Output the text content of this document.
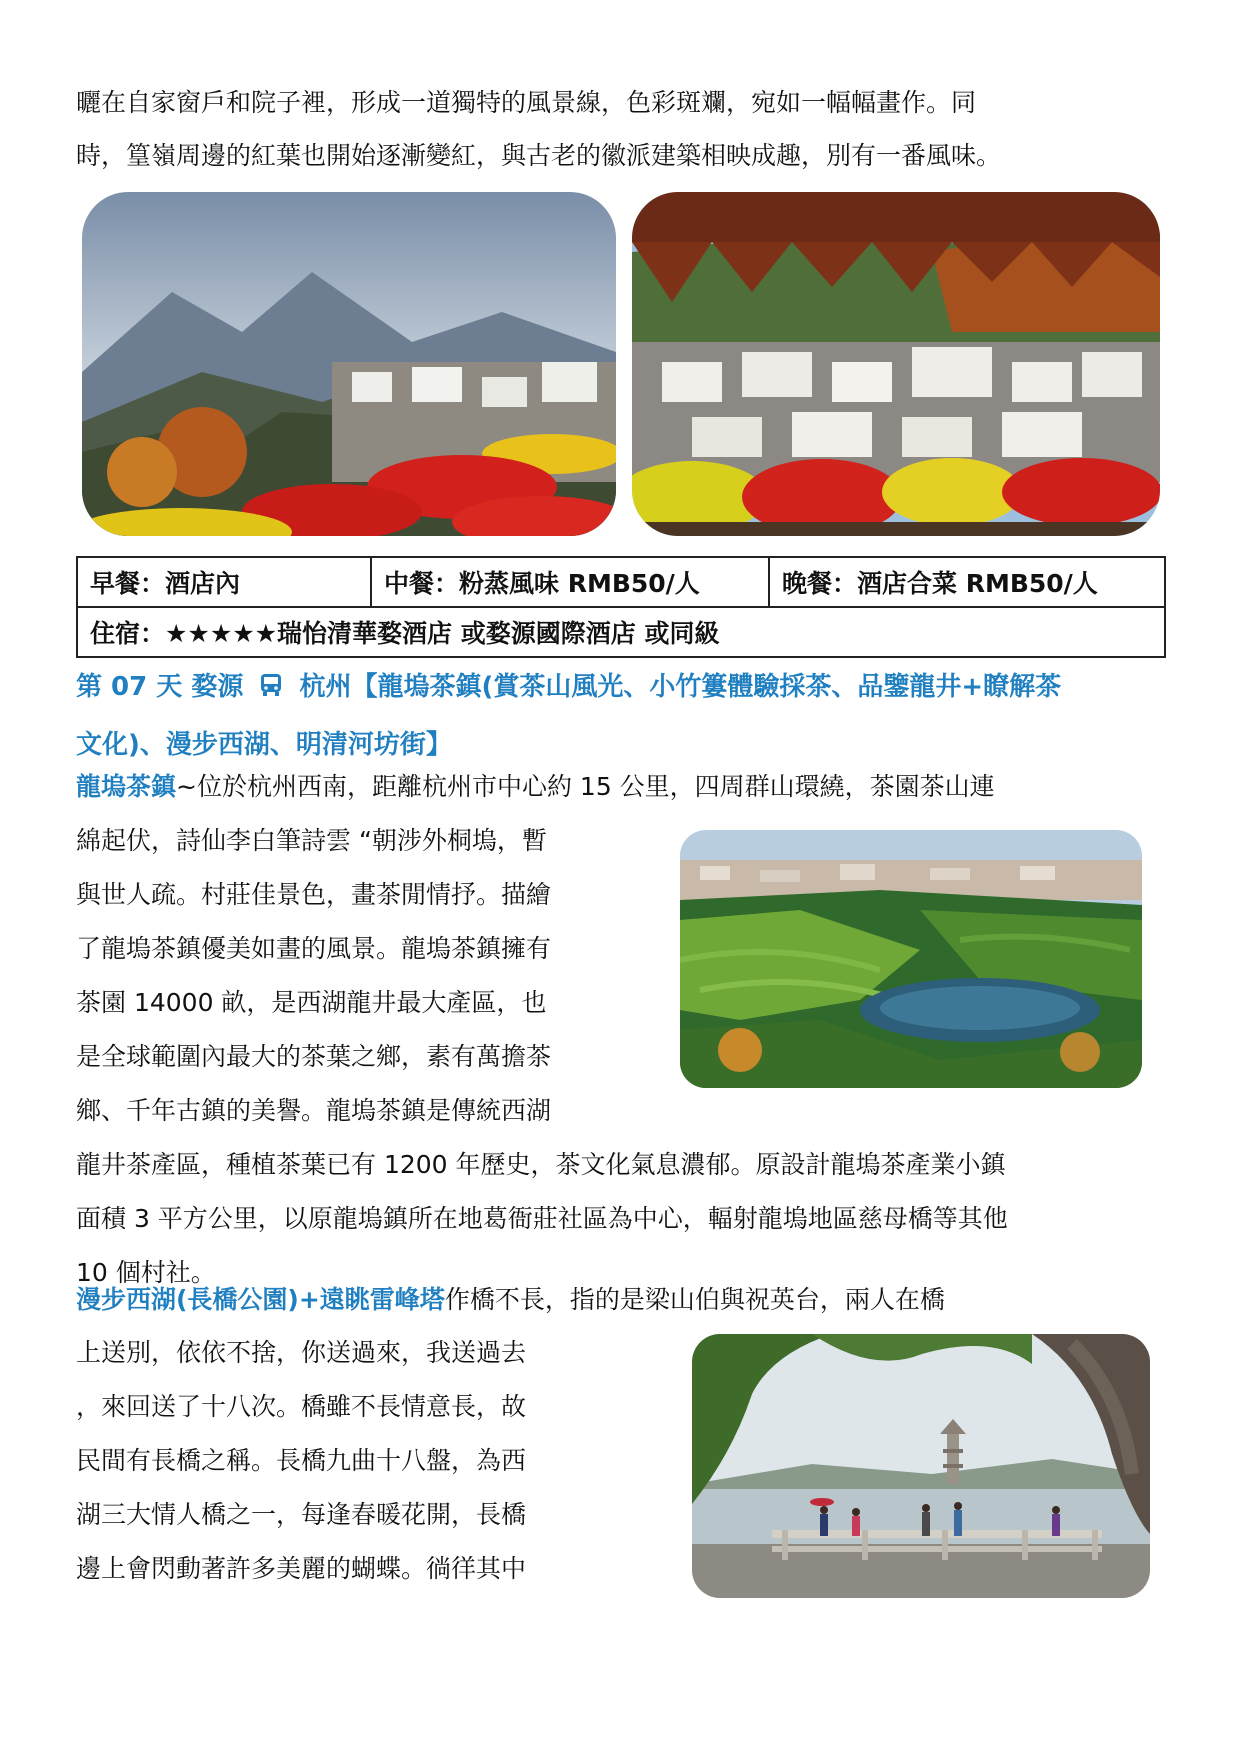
曬在自家窗戶和院子裡，形成一道獨特的風景線，色彩斑斕，宛如一幅幅畫作。同

時，篁嶺周邊的紅葉也開始逐漸變紅，與古老的徽派建築相映成趣，別有一番風味。

早餐：酒店內	中餐：粉蒸風味 RMB50/人	晚餐：酒店合菜 RMB50/人
住宿：★★★★★瑞怡清華婺酒店 或婺源國際酒店 或同級

第 07 天 婺源 杭州【龍塢茶鎮(賞茶山風光、小竹簍體驗採茶、品鑒龍井+瞭解茶
文化)、漫步西湖、明清河坊街】

龍塢茶鎮~位於杭州西南，距離杭州市中心約 15 公里，四周群山環繞，茶園茶山連

綿起伏，詩仙李白筆詩雲 “朝涉外桐塢，暫
與世人疏。村莊佳景色，畫茶閒情抒。描繪
了龍塢茶鎮優美如畫的風景。龍塢茶鎮擁有
茶園 14000 畝，是西湖龍井最大產區，也
是全球範圍內最大的茶葉之鄉，素有萬擔茶
鄉、千年古鎮的美譽。龍塢茶鎮是傳統西湖
龍井茶產區，種植茶葉已有 1200 年歷史，茶文化氣息濃郁。原設計龍塢茶產業小鎮
面積 3 平方公里，以原龍塢鎮所在地葛衙莊社區為中心，輻射龍塢地區慈母橋等其他
10 個村社。

漫步西湖(長橋公園)+遠眺雷峰塔作橋不長，指的是梁山伯與祝英台，兩人在橋

上送別，依依不捨，你送過來，我送過去
，來回送了十八次。橋雖不長情意長，故
民間有長橋之稱。長橋九曲十八盤，為西
湖三大情人橋之一，每逢春暖花開，長橋
邊上會閃動著許多美麗的蝴蝶。徜徉其中
